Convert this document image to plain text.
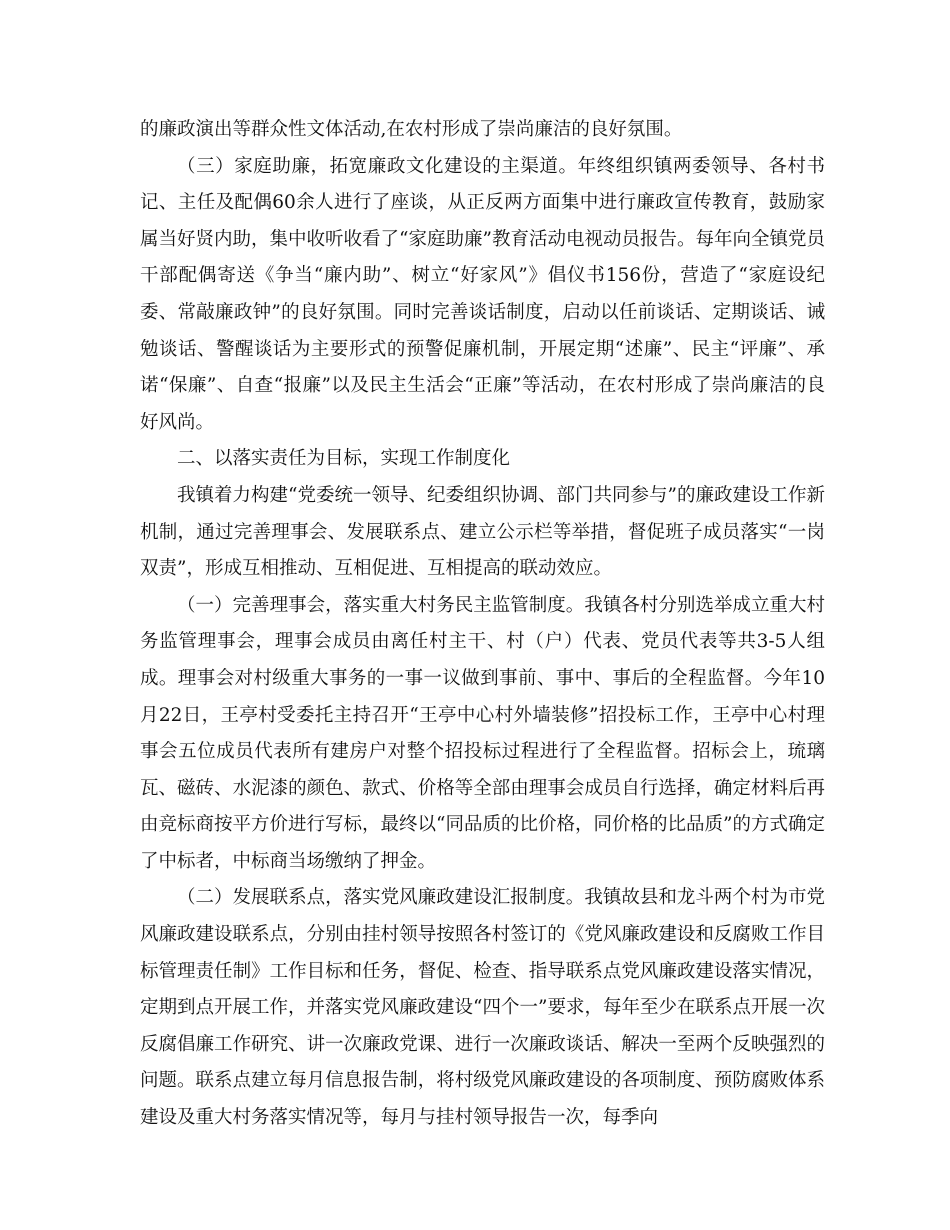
的廉政演出等群众性文体活动,在农村形成了崇尚廉洁的良好氛围。

（三）家庭助廉，拓宽廉政文化建设的主渠道。年终组织镇两委领导、各村书记、主任及配偶60余人进行了座谈，从正反两方面集中进行廉政宣传教育，鼓励家属当好贤内助，集中收听收看了“家庭助廉”教育活动电视动员报告。每年向全镇党员干部配偶寄送《争当“廉内助”、树立“好家风”》倡仪书156份，营造了“家庭设纪委、常敲廉政钟”的良好氛围。同时完善谈话制度，启动以任前谈话、定期谈话、诫勉谈话、警醒谈话为主要形式的预警促廉机制，开展定期“述廉”、民主“评廉”、承诺“保廉”、自查“报廉”以及民主生活会“正廉”等活动，在农村形成了崇尚廉洁的良好风尚。

二、以落实责任为目标，实现工作制度化

我镇着力构建“党委统一领导、纪委组织协调、部门共同参与”的廉政建设工作新机制，通过完善理事会、发展联系点、建立公示栏等举措，督促班子成员落实“一岗双责”，形成互相推动、互相促进、互相提高的联动效应。

（一）完善理事会，落实重大村务民主监管制度。我镇各村分别选举成立重大村务监管理事会，理事会成员由离任村主干、村（户）代表、党员代表等共3-5人组成。理事会对村级重大事务的一事一议做到事前、事中、事后的全程监督。今年10月22日，王亭村受委托主持召开“王亭中心村外墙装修”招投标工作，王亭中心村理事会五位成员代表所有建房户对整个招投标过程进行了全程监督。招标会上，琉璃瓦、磁砖、水泥漆的颜色、款式、价格等全部由理事会成员自行选择，确定材料后再由竞标商按平方价进行写标，最终以“同品质的比价格，同价格的比品质”的方式确定了中标者，中标商当场缴纳了押金。

（二）发展联系点，落实党风廉政建设汇报制度。我镇故县和龙斗两个村为市党风廉政建设联系点，分别由挂村领导按照各村签订的《党风廉政建设和反腐败工作目标管理责任制》工作目标和任务，督促、检查、指导联系点党风廉政建设落实情况，定期到点开展工作，并落实党风廉政建设“四个一”要求，每年至少在联系点开展一次反腐倡廉工作研究、讲一次廉政党课、进行一次廉政谈话、解决一至两个反映强烈的问题。联系点建立每月信息报告制，将村级党风廉政建设的各项制度、预防腐败体系建设及重大村务落实情况等，每月与挂村领导报告一次，每季向
